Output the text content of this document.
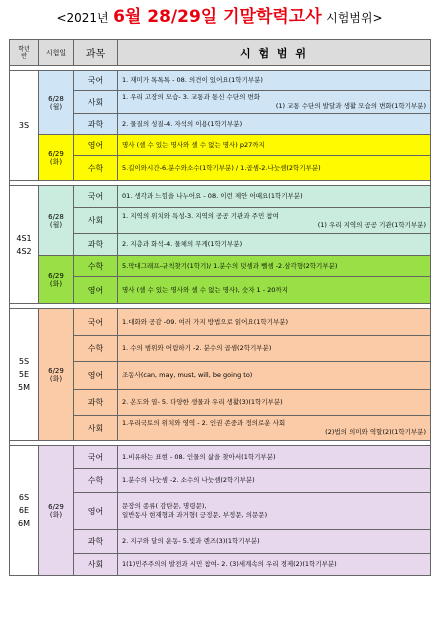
<2021년 6월 28/29일 기말학력고사 시험범위>
학년
반	시험일	과목	시 험 범 위

3S	6/28
(월)	국어	1. 재미가 톡톡톡 - 08. 의견이 있어요(1학기부분)

		사회	1. 우리 고장의 모습- 3. 교통과 통신 수단의 변화
(1) 교통 수단의 발달과 생활 모습의 변화(1학기부분)

		과학	2. 물질의 성질-4. 자석의 이용(1학기부분)

	6/29
(화)	영어	명사 (셀 수 있는 명사와 셀 수 없는 명사) p27까지

		수학	5.길이와시간-6.분수와소수(1학기부분) / 1.곱셈-2.나눗셈(2학기부분)

4S1
4S2	6/28
(월)	국어	01. 생각과 느낌을 나누어요 - 08. 이런 제안 어때요(1학기부분)

		사회	1. 지역의 위치와 특성-3. 지역의 공공 기관과 주민 참여
(1) 우리 지역의 공공 기관(1학기부분)

		과학	2. 지층과 화석-4. 물체의 무게(1학기부분)

	6/29
(화)	수학	5.막대그래프-규칙찾기(1학기)/ 1.분수의 덧셈과 뺄셈 -2.삼각형(2학기부분)

		영어	명사 (셀 수 있는 명사와 셀 수 없는 명사), 숫자 1 - 20까지

5S
5E
5M	6/29
(화)	국어	1.대화와 공감 -09. 여러 가지 방법으로 읽어요(1학기부분)

		수학	1. 수의 범위와 어림하기 -2. 분수의 곱셈(2학기부분)

		영어	조동사(can, may, must, will, be going to)

		과학	2. 온도와 열- 5. 다양한 생물과 우리 생활(3)(1학기부분)

		사회	1.우리국토의 위치와 영역 - 2. 인권 존중과 정의로운 사회
(2)법의 의미와 역할(2)(1학기부분)

6S
6E
6M	6/29
(화)	국어	1.비유하는 표현 - 08. 인물의 삶을 찾아서(1학기부분)

		수학	1.분수의 나눗셈 -2. 소수의 나눗셈(2학기부분)

		영어	문장의 종류( 감탄문, 명령문),
일반동사 현재형과 과거형( 긍정문, 부정문, 의문문)

		과학	2. 지구와 달의 운동- 5.빛과 렌즈(3)(1학기부분)

		사회	1(1)민주주의의 발전과 시민 참여- 2. (3)세계속의 우리 경제(2)(1학기부분)
